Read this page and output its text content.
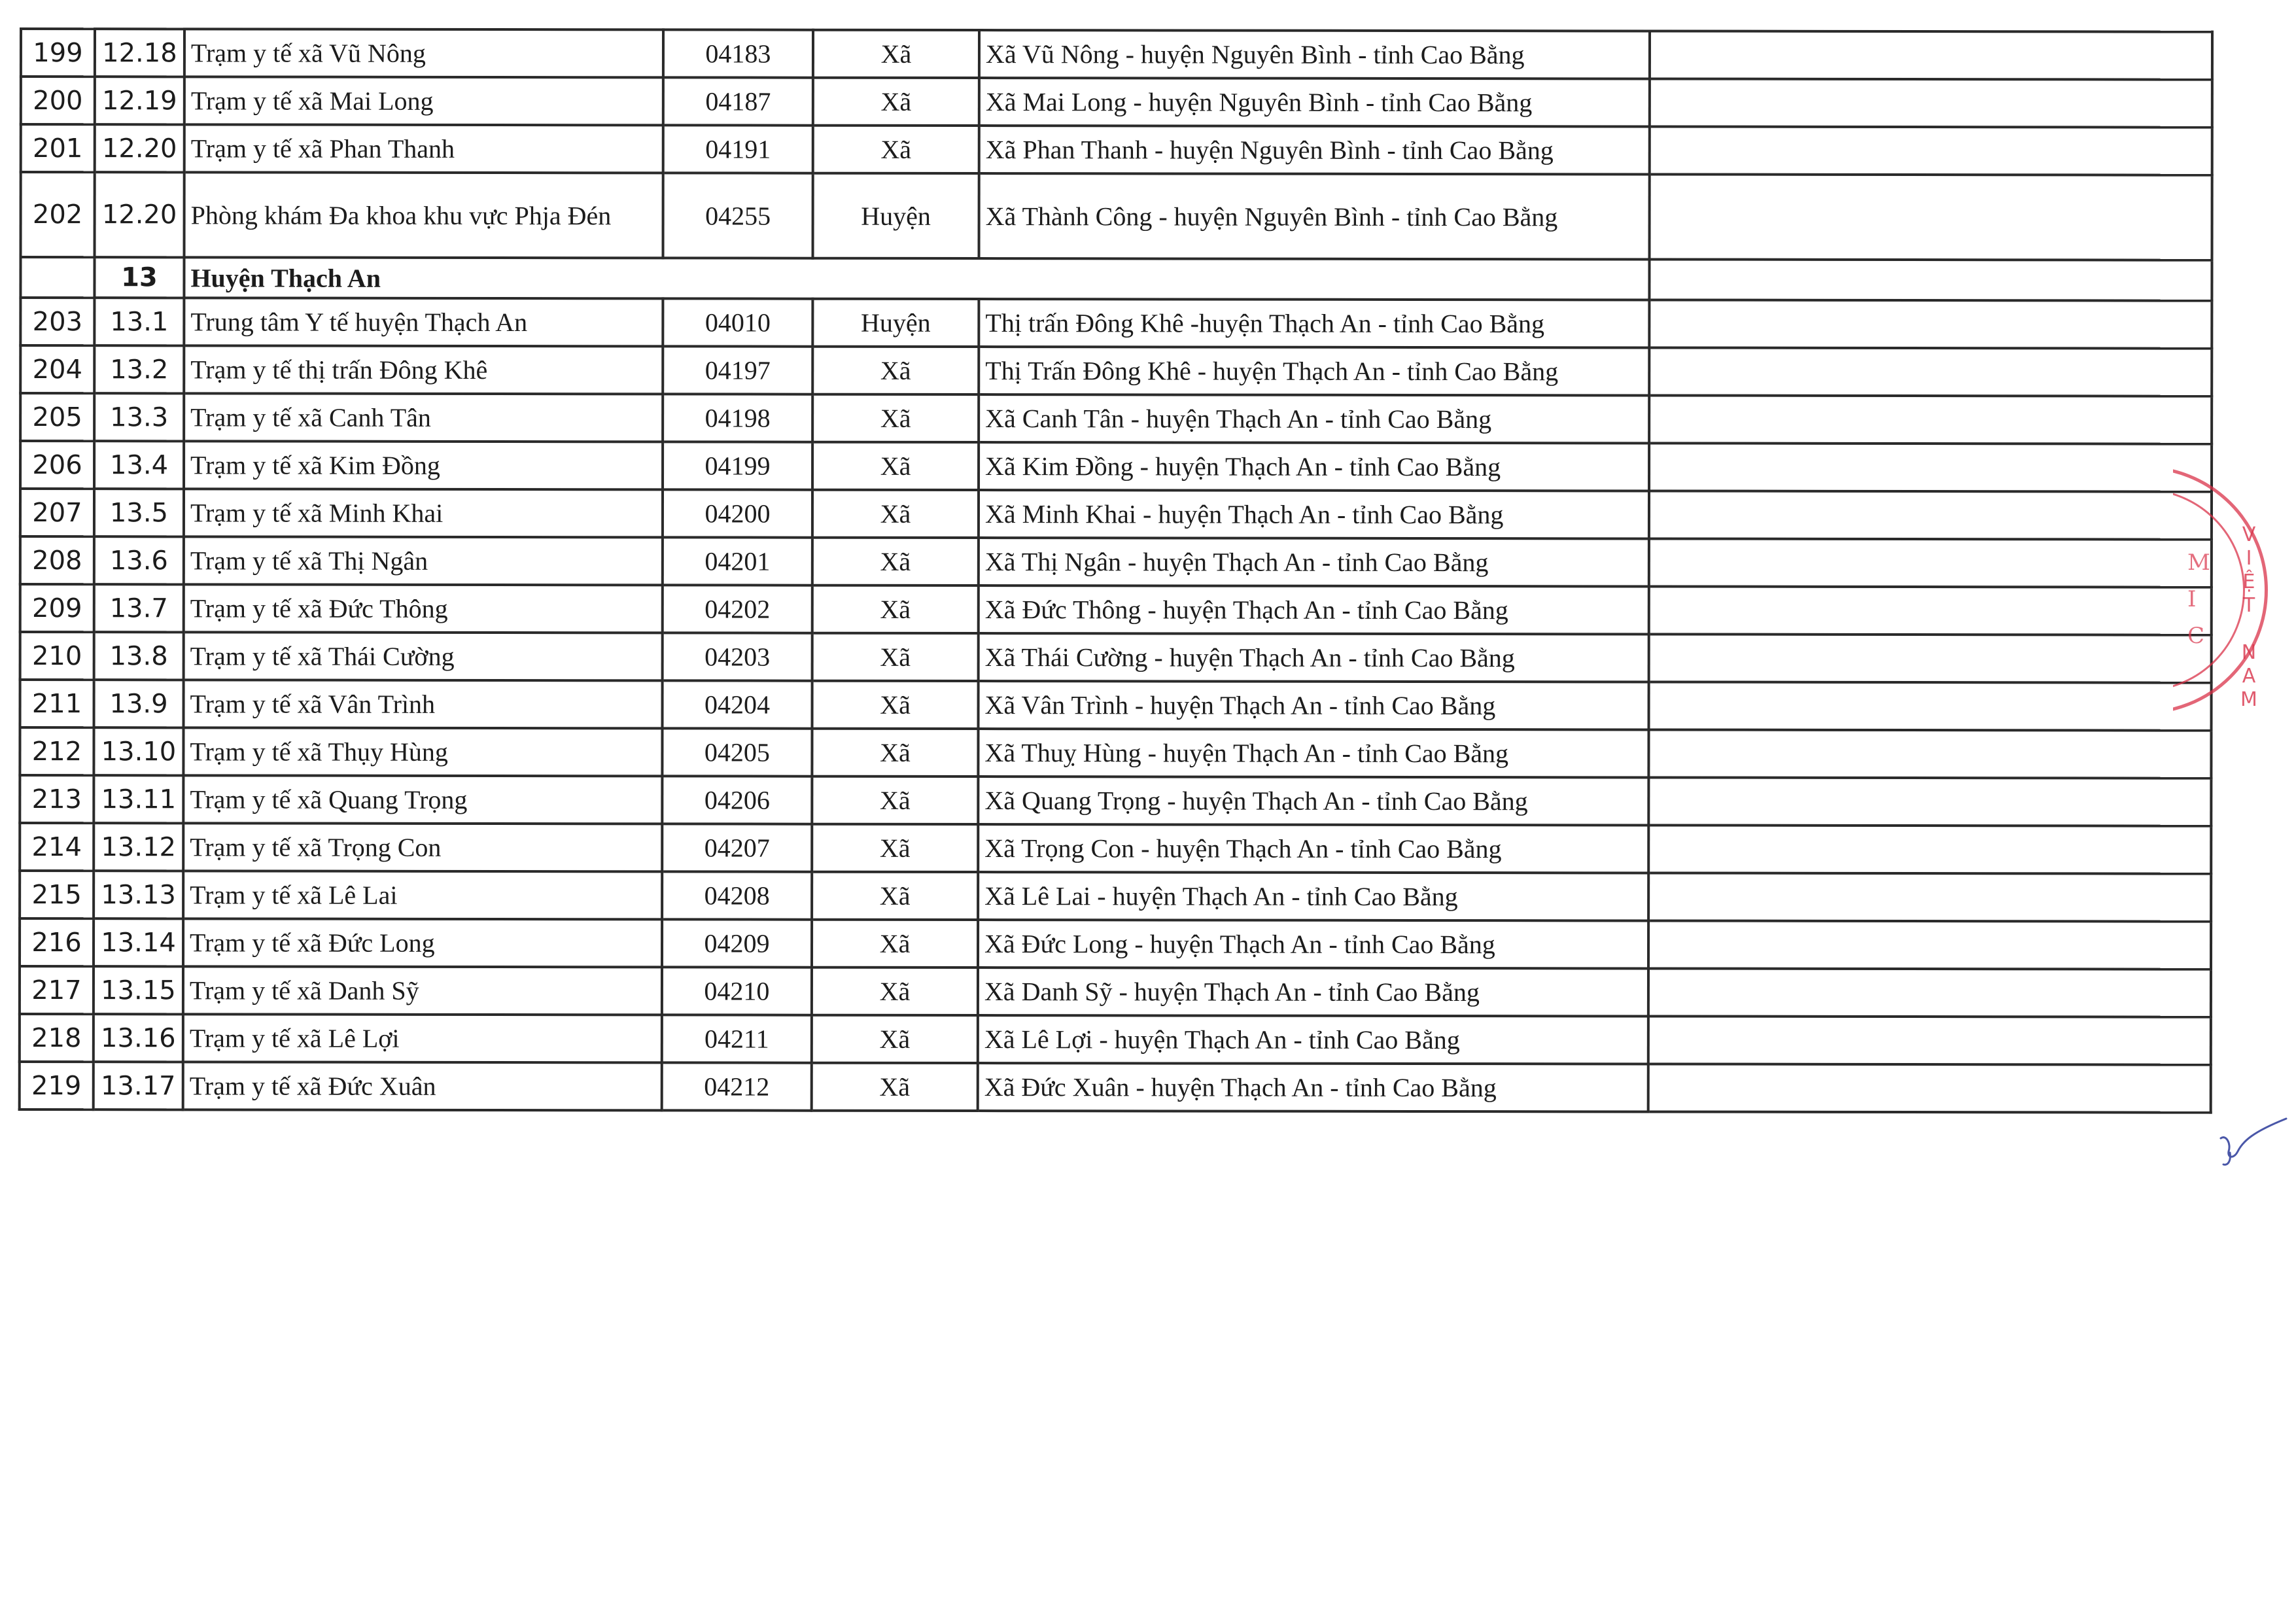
199	12.18	Trạm y tế xã Vũ Nông	04183	Xã	Xã Vũ Nông - huyện Nguyên Bình - tỉnh Cao Bằng	
200	12.19	Trạm y tế xã Mai Long	04187	Xã	Xã Mai Long - huyện Nguyên Bình - tỉnh Cao Bằng	
201	12.20	Trạm y tế xã Phan Thanh	04191	Xã	Xã Phan Thanh - huyện Nguyên Bình - tỉnh Cao Bằng	
202	12.20	Phòng khám Đa khoa khu vực Phja Đén	04255	Huyện	Xã Thành Công - huyện Nguyên Bình - tỉnh Cao Bằng	
	13	Huyện Thạch An				
203	13.1	Trung tâm Y tế huyện Thạch An	04010	Huyện	Thị trấn Đông Khê -huyện Thạch An - tỉnh Cao Bằng	
204	13.2	Trạm y tế thị trấn Đông Khê	04197	Xã	Thị Trấn Đông Khê - huyện Thạch An - tỉnh Cao Bằng	
205	13.3	Trạm y tế xã Canh Tân	04198	Xã	Xã Canh Tân - huyện Thạch An - tỉnh Cao Bằng	
206	13.4	Trạm y tế xã Kim Đồng	04199	Xã	Xã Kim Đồng - huyện Thạch An - tỉnh Cao Bằng	
207	13.5	Trạm y tế xã Minh Khai	04200	Xã	Xã Minh Khai - huyện Thạch An - tỉnh Cao Bằng	
208	13.6	Trạm y tế xã Thị Ngân	04201	Xã	Xã Thị Ngân - huyện Thạch An - tỉnh Cao Bằng	
209	13.7	Trạm y tế xã Đức Thông	04202	Xã	Xã Đức Thông - huyện Thạch An - tỉnh Cao Bằng	
210	13.8	Trạm y tế xã Thái Cường	04203	Xã	Xã Thái Cường - huyện Thạch An - tỉnh Cao Bằng	
211	13.9	Trạm y tế xã Vân Trình	04204	Xã	Xã Vân Trình - huyện Thạch An - tỉnh Cao Bằng	
212	13.10	Trạm y tế xã Thụy Hùng	04205	Xã	Xã Thuỵ Hùng - huyện Thạch An - tỉnh Cao Bằng	
213	13.11	Trạm y tế xã Quang Trọng	04206	Xã	Xã Quang Trọng - huyện Thạch An - tỉnh Cao Bằng	
214	13.12	Trạm y tế xã Trọng Con	04207	Xã	Xã Trọng Con - huyện Thạch An - tỉnh Cao Bằng	
215	13.13	Trạm y tế xã Lê Lai	04208	Xã	Xã Lê Lai - huyện Thạch An - tỉnh Cao Bằng	
216	13.14	Trạm y tế xã Đức Long	04209	Xã	Xã Đức Long - huyện Thạch An - tỉnh Cao Bằng	
217	13.15	Trạm y tế xã Danh Sỹ	04210	Xã	Xã Danh Sỹ - huyện Thạch An - tỉnh Cao Bằng	
218	13.16	Trạm y tế xã Lê Lợi	04211	Xã	Xã Lê Lợi - huyện Thạch An - tỉnh Cao Bằng	
219	13.17	Trạm y tế xã Đức Xuân	04212	Xã	Xã Đức Xuân - huyện Thạch An - tỉnh Cao Bằng	
V
I
Ệ
T

N
A
M
M
I
C
